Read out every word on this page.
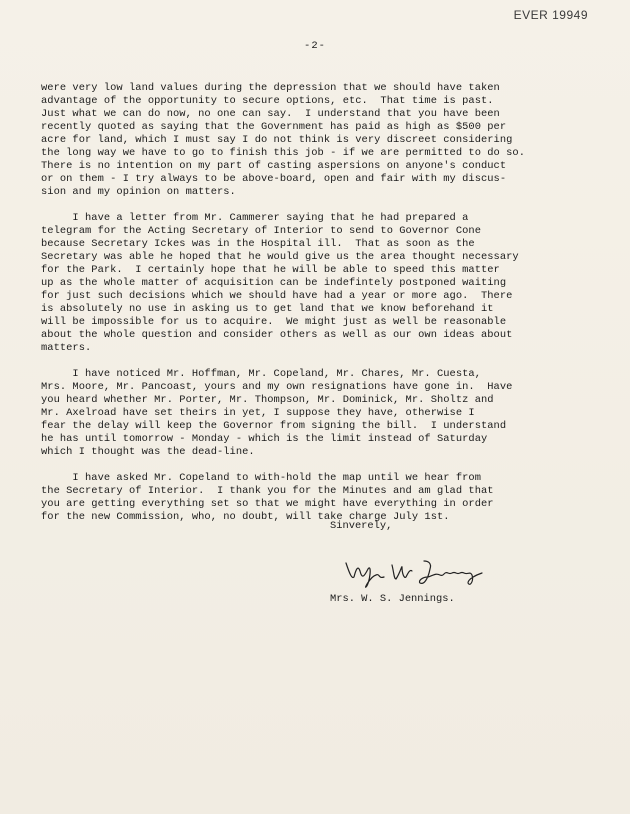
EVER 19949
-2-
were very low land values during the depression that we should have taken
advantage of the opportunity to secure options, etc.  That time is past.
Just what we can do now, no one can say.  I understand that you have been
recently quoted as saying that the Government has paid as high as $500 per
acre for land, which I must say I do not think is very discreet considering
the long way we have to go to finish this job - if we are permitted to do so.
There is no intention on my part of casting aspersions on anyone's conduct
or on them - I try always to be above-board, open and fair with my discus-
sion and my opinion on matters.
I have a letter from Mr. Cammerer saying that he had prepared a
telegram for the Acting Secretary of Interior to send to Governor Cone
because Secretary Ickes was in the Hospital ill.  That as soon as the
Secretary was able he hoped that he would give us the area thought necessary
for the Park.  I certainly hope that he will be able to speed this matter
up as the whole matter of acquisition can be indefintely postponed waiting
for just such decisions which we should have had a year or more ago.  There
is absolutely no use in asking us to get land that we know beforehand it
will be impossible for us to acquire.  We might just as well be reasonable
about the whole question and consider others as well as our own ideas about
matters.
I have noticed Mr. Hoffman, Mr. Copeland, Mr. Chares, Mr. Cuesta,
Mrs. Moore, Mr. Pancoast, yours and my own resignations have gone in.  Have
you heard whether Mr. Porter, Mr. Thompson, Mr. Dominick, Mr. Sholtz and
Mr. Axelroad have set theirs in yet, I suppose they have, otherwise I
fear the delay will keep the Governor from signing the bill.  I understand
he has until tomorrow - Monday - which is the limit instead of Saturday
which I thought was the dead-line.
I have asked Mr. Copeland to with-hold the map until we hear from
the Secretary of Interior.  I thank you for the Minutes and am glad that
you are getting everything set so that we might have everything in order
for the new Commission, who, no doubt, will take charge July 1st.
Sinverely,
Mrs. W. S. Jennings.
